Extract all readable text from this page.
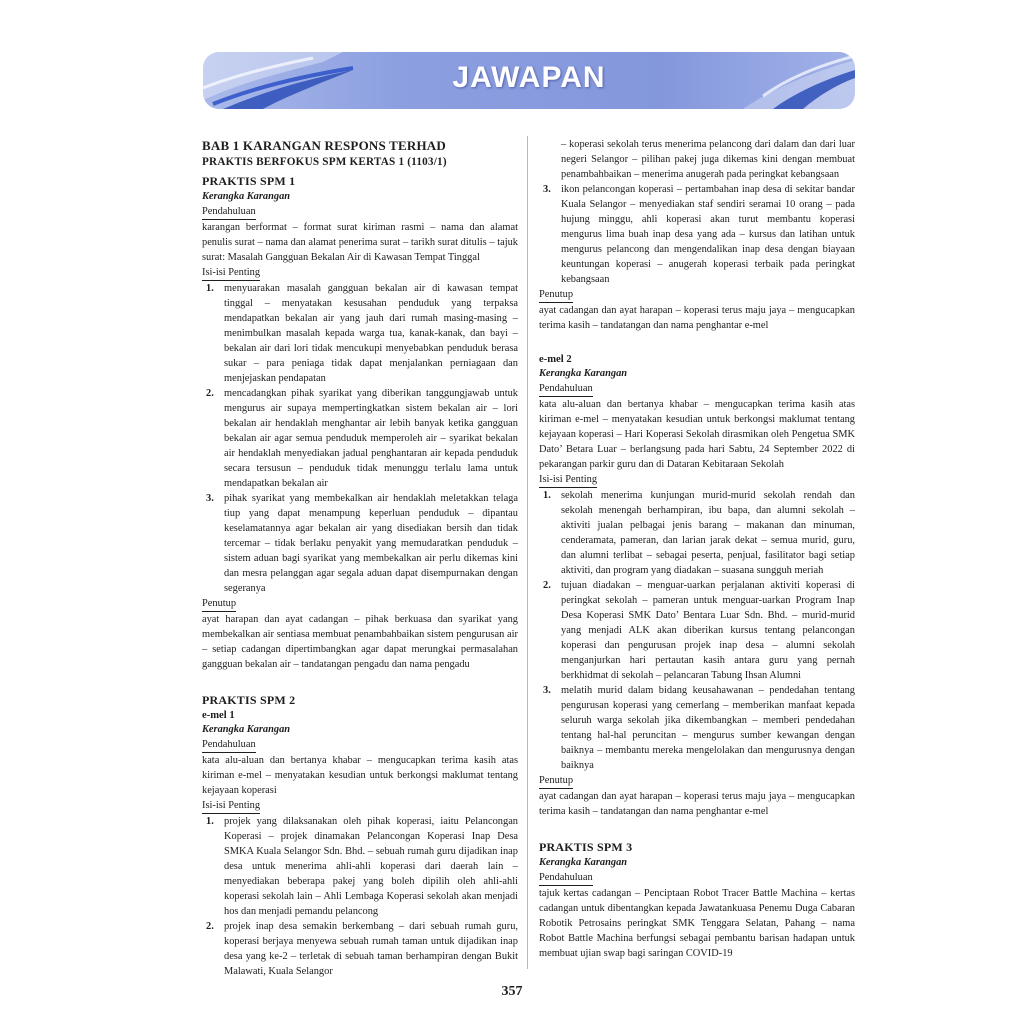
JAWAPAN
BAB 1 KARANGAN RESPONS TERHAD
PRAKTIS BERFOKUS SPM KERTAS 1 (1103/1)
PRAKTIS SPM 1
Kerangka Karangan
Pendahuluan
karangan berformat – format surat kiriman rasmi – nama dan alamat penulis surat – nama dan alamat penerima surat – tarikh surat ditulis – tajuk surat: Masalah Gangguan Bekalan Air di Kawasan Tempat Tinggal
Isi-isi Penting
1. menyuarakan masalah gangguan bekalan air di kawasan tempat tinggal – menyatakan kesusahan penduduk yang terpaksa mendapatkan bekalan air yang jauh dari rumah masing-masing – menimbulkan masalah kepada warga tua, kanak-kanak, dan bayi – bekalan air dari lori tidak mencukupi menyebabkan penduduk berasa sukar – para peniaga tidak dapat menjalankan perniagaan dan menjejaskan pendapatan
2. mencadangkan pihak syarikat yang diberikan tanggungjawab untuk mengurus air supaya mempertingkatkan sistem bekalan air – lori bekalan air hendaklah menghantar air lebih banyak ketika gangguan bekalan air agar semua penduduk memperoleh air – syarikat bekalan air hendaklah menyediakan jadual penghantaran air kepada penduduk secara tersusun – penduduk tidak menunggu terlalu lama untuk mendapatkan bekalan air
3. pihak syarikat yang membekalkan air hendaklah meletakkan telaga tiup yang dapat menampung keperluan penduduk – dipantau keselamatannya agar bekalan air yang disediakan bersih dan tidak tercemar – tidak berlaku penyakit yang memudaratkan penduduk – sistem aduan bagi syarikat yang membekalkan air perlu dikemas kini dan mesra pelanggan agar segala aduan dapat disempurnakan dengan segeranya
Penutup
ayat harapan dan ayat cadangan – pihak berkuasa dan syarikat yang membekalkan air sentiasa membuat penambahbaikan sistem pengurusan air – setiap cadangan dipertimbangkan agar dapat merungkai permasalahan gangguan bekalan air – tandatangan pengadu dan nama pengadu
PRAKTIS SPM 2
e-mel 1
Kerangka Karangan
Pendahuluan
kata alu-aluan dan bertanya khabar – mengucapkan terima kasih atas kiriman e-mel – menyatakan kesudian untuk berkongsi maklumat tentang kejayaan koperasi
Isi-isi Penting
1. projek yang dilaksanakan oleh pihak koperasi, iaitu Pelancongan Koperasi – projek dinamakan Pelancongan Koperasi Inap Desa SMKA Kuala Selangor Sdn. Bhd. – sebuah rumah guru dijadikan inap desa untuk menerima ahli-ahli koperasi dari daerah lain – menyediakan beberapa pakej yang boleh dipilih oleh ahli-ahli koperasi sekolah lain – Ahli Lembaga Koperasi sekolah akan menjadi hos dan menjadi pemandu pelancong
2. projek inap desa semakin berkembang – dari sebuah rumah guru, koperasi berjaya menyewa sebuah rumah taman untuk dijadikan inap desa yang ke-2 – terletak di sebuah taman berhampiran dengan Bukit Malawati, Kuala Selangor
– koperasi sekolah terus menerima pelancong dari dalam dan dari luar negeri Selangor – pilihan pakej juga dikemas kini dengan membuat penambahbaikan – menerima anugerah pada peringkat kebangsaan
3. ikon pelancongan koperasi – pertambahan inap desa di sekitar bandar Kuala Selangor – menyediakan staf sendiri seramai 10 orang – pada hujung minggu, ahli koperasi akan turut membantu koperasi mengurus lima buah inap desa yang ada – kursus dan latihan untuk mengurus pelancong dan mengendalikan inap desa dengan biayaan keuntungan koperasi – anugerah koperasi terbaik pada peringkat kebangsaan
Penutup
ayat cadangan dan ayat harapan – koperasi terus maju jaya – mengucapkan terima kasih – tandatangan dan nama penghantar e-mel
e-mel 2
Kerangka Karangan
Pendahuluan
kata alu-aluan dan bertanya khabar – mengucapkan terima kasih atas kiriman e-mel – menyatakan kesudian untuk berkongsi maklumat tentang kejayaan koperasi – Hari Koperasi Sekolah dirasmikan oleh Pengetua SMK Dato’ Betara Luar – berlangsung pada hari Sabtu, 24 September 2022 di pekarangan parkir guru dan di Dataran Kebitaraan Sekolah
Isi-isi Penting
1. sekolah menerima kunjungan murid-murid sekolah rendah dan sekolah menengah berhampiran, ibu bapa, dan alumni sekolah – aktiviti jualan pelbagai jenis barang – makanan dan minuman, cenderamata, pameran, dan larian jarak dekat – semua murid, guru, dan alumni terlibat – sebagai peserta, penjual, fasilitator bagi setiap aktiviti, dan program yang diadakan – suasana sungguh meriah
2. tujuan diadakan – menguar-uarkan perjalanan aktiviti koperasi di peringkat sekolah – pameran untuk menguar-uarkan Program Inap Desa Koperasi SMK Dato’ Bentara Luar Sdn. Bhd. – murid-murid yang menjadi ALK akan diberikan kursus tentang pelancongan koperasi dan pengurusan projek inap desa – alumni sekolah menganjurkan hari pertautan kasih antara guru yang pernah berkhidmat di sekolah – pelancaran Tabung Ihsan Alumni
3. melatih murid dalam bidang keusahawanan – pendedahan tentang pengurusan koperasi yang cemerlang – memberikan manfaat kepada seluruh warga sekolah jika dikembangkan – memberi pendedahan tentang hal-hal peruncitan – mengurus sumber kewangan dengan baiknya – membantu mereka mengelolakan dan mengurusnya dengan baiknya
Penutup
ayat cadangan dan ayat harapan – koperasi terus maju jaya – mengucapkan terima kasih – tandatangan dan nama penghantar e-mel
PRAKTIS SPM 3
Kerangka Karangan
Pendahuluan
tajuk kertas cadangan – Penciptaan Robot Tracer Battle Machina – kertas cadangan untuk dibentangkan kepada Jawatankuasa Penemu Duga Cabaran Robotik Petrosains peringkat SMK Tenggara Selatan, Pahang – nama Robot Battle Machina berfungsi sebagai pembantu barisan hadapan untuk membuat ujian swap bagi saringan COVID-19
357
